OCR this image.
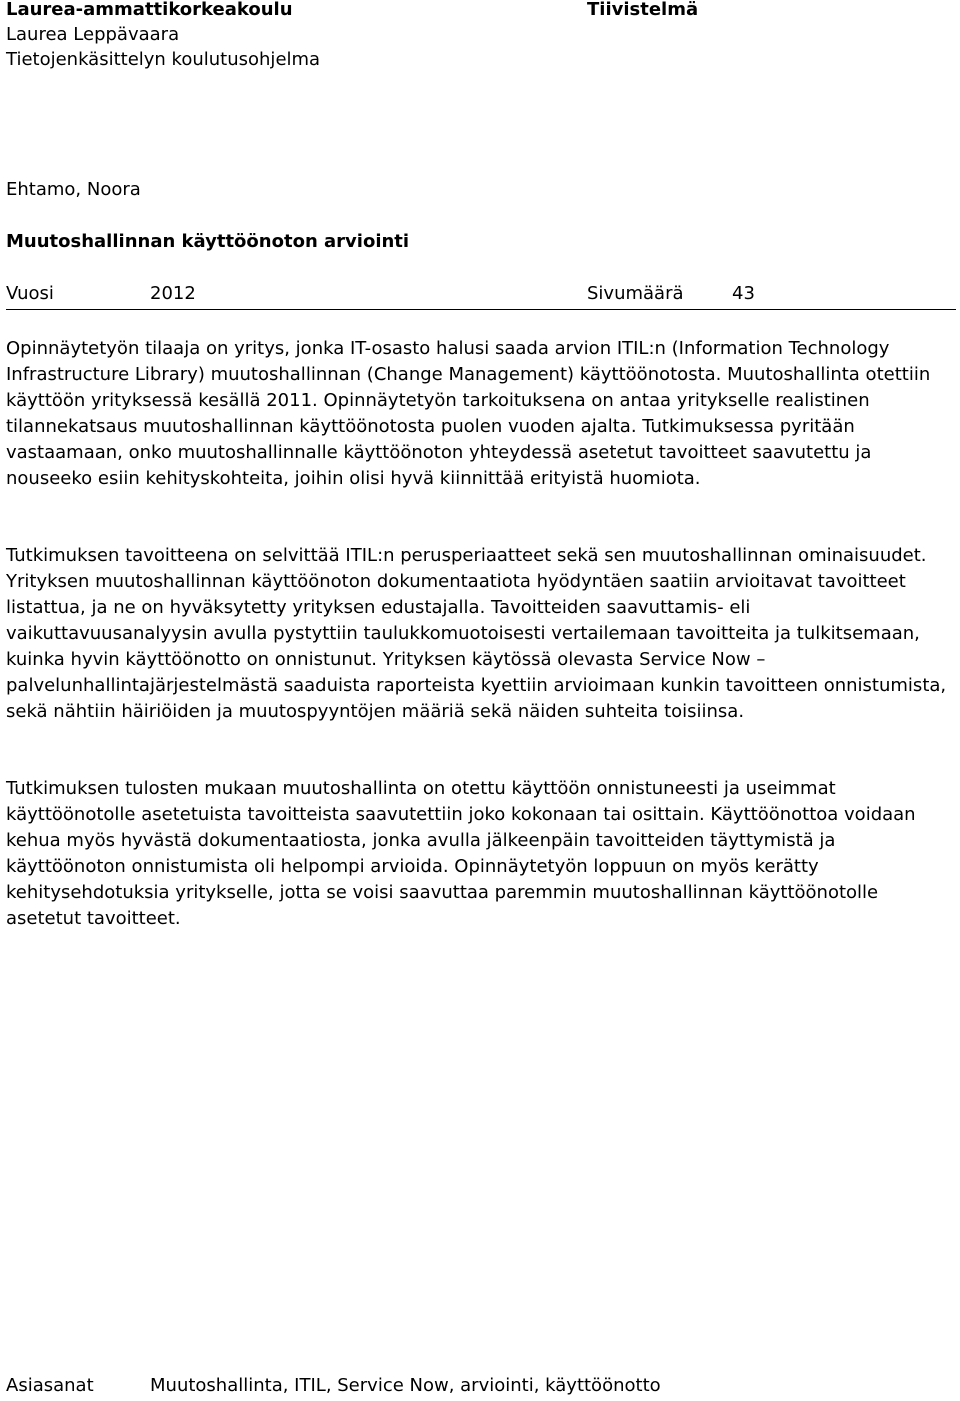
Laurea-ammattikorkeakoulu
Laurea Leppävaara
Tietojenkäsittelyn koulutusohjelma
Tiivistelmä
Ehtamo, Noora
Muutoshallinnan käyttöönoton arviointi
Vuosi	2012	Sivumäärä	43
Opinnäytetyön tilaaja on yritys, jonka IT-osasto halusi saada arvion ITIL:n (Information Technology Infrastructure Library) muutoshallinnan (Change Management) käyttöönotosta. Muutoshallinta otettiin käyttöön yrityksessä kesällä 2011. Opinnäytetyön tarkoituksena on antaa yritykselle realistinen tilannekatsaus muutoshallinnan käyttöönotosta puolen vuoden ajalta. Tutkimuksessa pyritään vastaamaan, onko muutoshallinnalle käyttöönoton yhteydessä asetetut tavoitteet saavutettu ja nouseeko esiin kehityskohteita, joihin olisi hyvä kiinnittää erityistä huomiota.
Tutkimuksen tavoitteena on selvittää ITIL:n perusperiaatteet sekä sen muutoshallinnan ominaisuudet. Yrityksen muutoshallinnan käyttöönoton dokumentaatiota hyödyntäen saatiin arvioitavat tavoitteet listattua, ja ne on hyväksytetty yrityksen edustajalla. Tavoitteiden saavuttamis- eli vaikuttavuusanalyysin avulla pystyttiin taulukkomuotoisesti vertailemaan tavoitteita ja tulkitsemaan, kuinka hyvin käyttöönotto on onnistunut. Yrityksen käytössä olevasta Service Now –palvelunhallintajärjestelmästä saaduista raporteista kyettiin arvioimaan kunkin tavoitteen onnistumista, sekä nähtiin häiriöiden ja muutospyyntöjen määriä sekä näiden suhteita toisiinsa.
Tutkimuksen tulosten mukaan muutoshallinta on otettu käyttöön onnistuneesti ja useimmat käyttöönotolle asetetuista tavoitteista saavutettiin joko kokonaan tai osittain. Käyttöönottoa voidaan kehua myös hyvästä dokumentaatiosta, jonka avulla jälkeenpäin tavoitteiden täyttymistä ja käyttöönoton onnistumista oli helpompi arvioida. Opinnäytetyön loppuun on myös kerätty kehitysehdotuksia yritykselle, jotta se voisi saavuttaa paremmin muutoshallinnan käyttöönotolle asetetut tavoitteet.
Asiasanat	Muutoshallinta, ITIL, Service Now, arviointi, käyttöönotto
